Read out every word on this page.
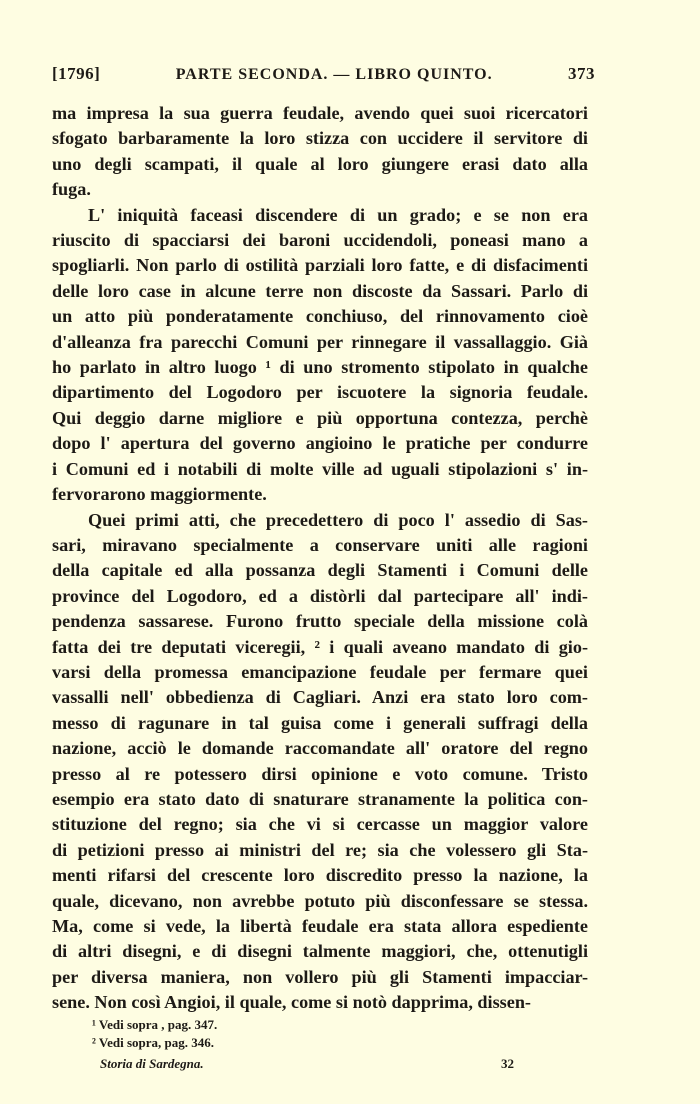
[1796]	PARTE SECONDA. — LIBRO QUINTO.	373
ma impresa la sua guerra feudale, avendo quei suoi ricercatori
sfogato barbaramente la loro stizza con uccidere il servitore di
uno degli scampati, il quale al loro giungere erasi dato alla
fuga.
L' iniquità faceasi discendere di un grado; e se non era
riuscito di spacciarsi dei baroni uccidendoli, poneasi mano a
spogliarli. Non parlo di ostilità parziali loro fatte, e di disfacimenti
delle loro case in alcune terre non discoste da Sassari. Parlo di
un atto più ponderatamente conchiuso, del rinnovamento cioè
d'alleanza fra parecchi Comuni per rinnegare il vassallaggio. Già
ho parlato in altro luogo ¹ di uno stromento stipolato in qualche
dipartimento del Logodoro per iscuotere la signoria feudale.
Qui deggio darne migliore e più opportuna contezza, perchè
dopo l' apertura del governo angioino le pratiche per condurre
i Comuni ed i notabili di molte ville ad uguali stipolazioni s' in-
fervorarono maggiormente.
Quei primi atti, che precedettero di poco l' assedio di Sas-
sari, miravano specialmente a conservare uniti alle ragioni
della capitale ed alla possanza degli Stamenti i Comuni delle
province del Logodoro, ed a distòrli dal partecipare all' indi-
pendenza sassarese. Furono frutto speciale della missione colà
fatta dei tre deputati viceregii, ² i quali aveano mandato di gio-
varsi della promessa emancipazione feudale per fermare quei
vassalli nell' obbedienza di Cagliari. Anzi era stato loro com-
messo di ragunare in tal guisa come i generali suffragi della
nazione, acciò le domande raccomandate all' oratore del regno
presso al re potessero dirsi opinione e voto comune. Tristo
esempio era stato dato di snaturare stranamente la politica con-
stituzione del regno; sia che vi si cercasse un maggior valore
di petizioni presso ai ministri del re; sia che volessero gli Sta-
menti rifarsi del crescente loro discredito presso la nazione, la
quale, dicevano, non avrebbe potuto più disconfessare se stessa.
Ma, come si vede, la libertà feudale era stata allora espediente
di altri disegni, e di disegni talmente maggiori, che, ottenutigli
per diversa maniera, non vollero più gli Stamenti impacciar-
sene. Non così Angioi, il quale, come si notò dapprima, dissen-
¹ Vedi sopra , pag. 347.
² Vedi sopra, pag. 346.
Storia di Sardegna.	32
